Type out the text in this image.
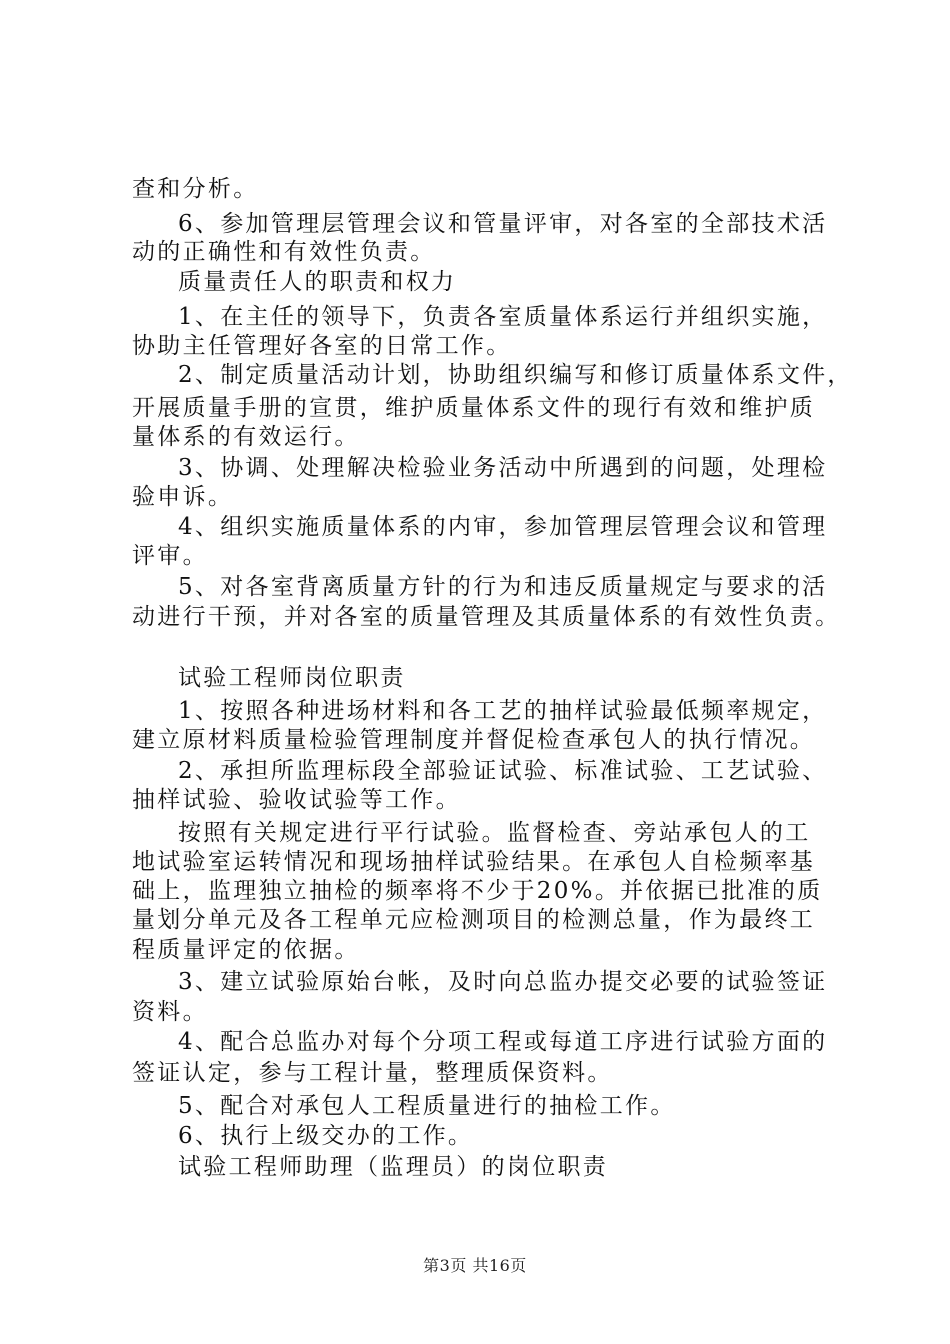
查和分析。
6、参加管理层管理会议和管量评审，对各室的全部技术活
动的正确性和有效性负责。
质量责任人的职责和权力
1、在主任的领导下，负责各室质量体系运行并组织实施，
协助主任管理好各室的日常工作。
2、制定质量活动计划，协助组织编写和修订质量体系文件，
开展质量手册的宣贯，维护质量体系文件的现行有效和维护质
量体系的有效运行。
3、协调、处理解决检验业务活动中所遇到的问题，处理检
验申诉。
4、组织实施质量体系的内审，参加管理层管理会议和管理
评审。
5、对各室背离质量方针的行为和违反质量规定与要求的活
动进行干预，并对各室的质量管理及其质量体系的有效性负责。
试验工程师岗位职责
1、按照各种进场材料和各工艺的抽样试验最低频率规定，
建立原材料质量检验管理制度并督促检查承包人的执行情况。
2、承担所监理标段全部验证试验、标准试验、工艺试验、
抽样试验、验收试验等工作。
按照有关规定进行平行试验。监督检查、旁站承包人的工
地试验室运转情况和现场抽样试验结果。在承包人自检频率基
础上，监理独立抽检的频率将不少于20%。并依据已批准的质
量划分单元及各工程单元应检测项目的检测总量，作为最终工
程质量评定的依据。
3、建立试验原始台帐，及时向总监办提交必要的试验签证
资料。
4、配合总监办对每个分项工程或每道工序进行试验方面的
签证认定，参与工程计量，整理质保资料。
5、配合对承包人工程质量进行的抽检工作。
6、执行上级交办的工作。
试验工程师助理（监理员）的岗位职责
第3页 共16页
